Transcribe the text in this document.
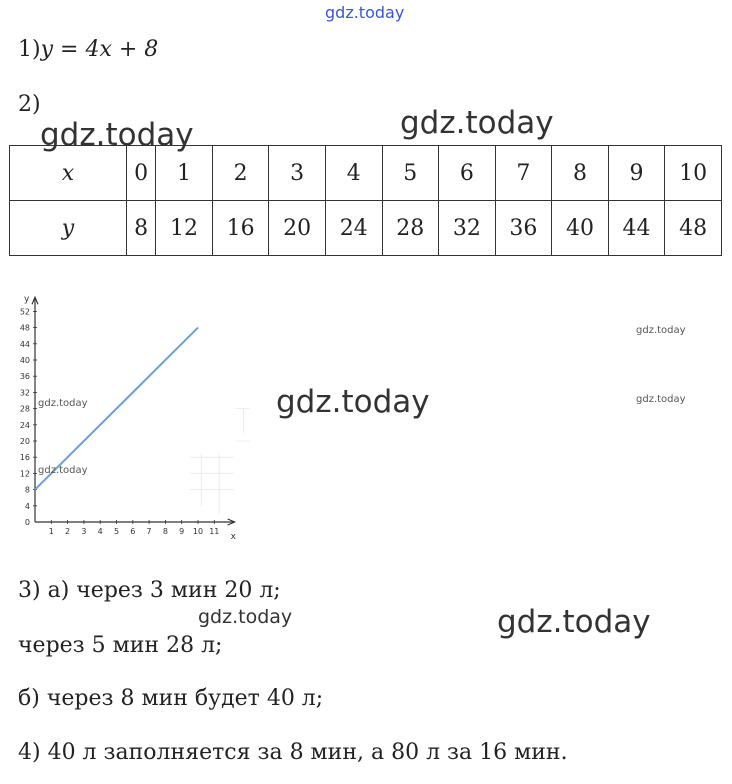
gdz.today
1)y = 4x + 8
2)
x	0	1	2	3	4	5	6	7	8	9	10
y	8	12	16	20	24	28	32	36	40	44	48
gdz.today	gdz.today
y
x
0
4
8
12
16
20
24
28
32
36
40
44
48
52
1 2 3 4 5 6 7 8 9 10 11
gdz.today
gdz.today
gdz.today
gdz.today
gdz.today
3) а) через 3 мин 20 л;
gdz.today	gdz.today
через 5 мин 28 л;
б) через 8 мин будет 40 л;
4) 40 л заполняется за 8 мин, а 80 л за 16 мин.
